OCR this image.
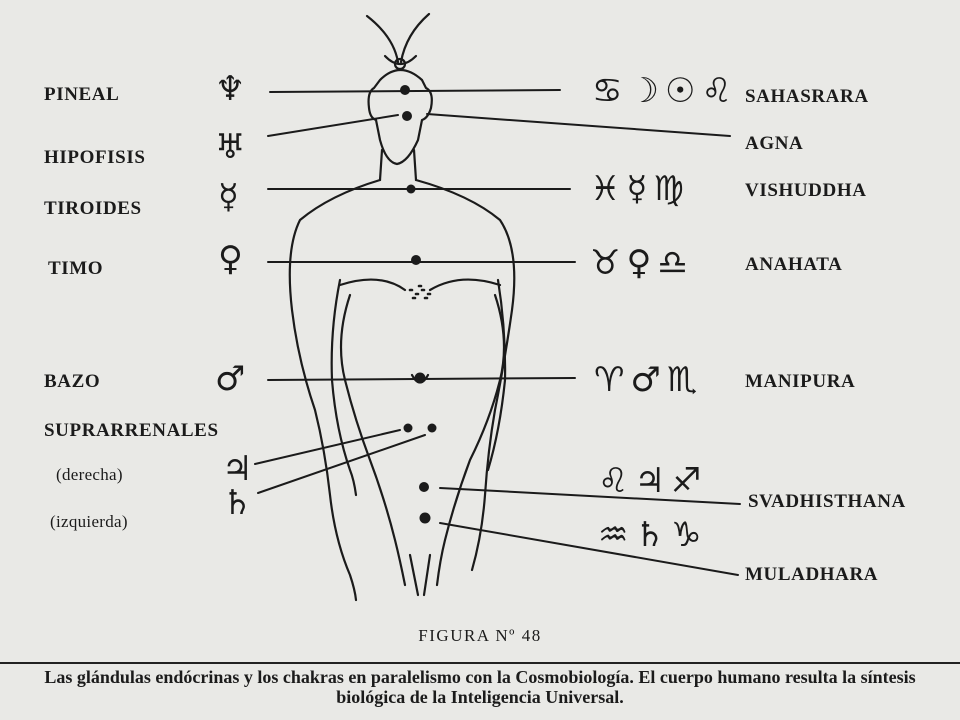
PINEAL
HIPOFISIS
TIROIDES
TIMO
BAZO
SUPRARRENALES
(derecha)
(izquierda)
♆
♅
☿
♀
♂
♃
♄
♋☽☉♌
♓☿♍
♉♀♎
♈♂♏
♌♃♐
♒♄♑
SAHASRARA
AGNA
VISHUDDHA
ANAHATA
MANIPURA
SVADHISTHANA
MULADHARA
FIGURA Nº 48
Las glándulas endócrinas y los chakras en paralelismo con la Cosmobiología. El cuerpo humano resulta la síntesis biológica de la Inteligencia Universal.
